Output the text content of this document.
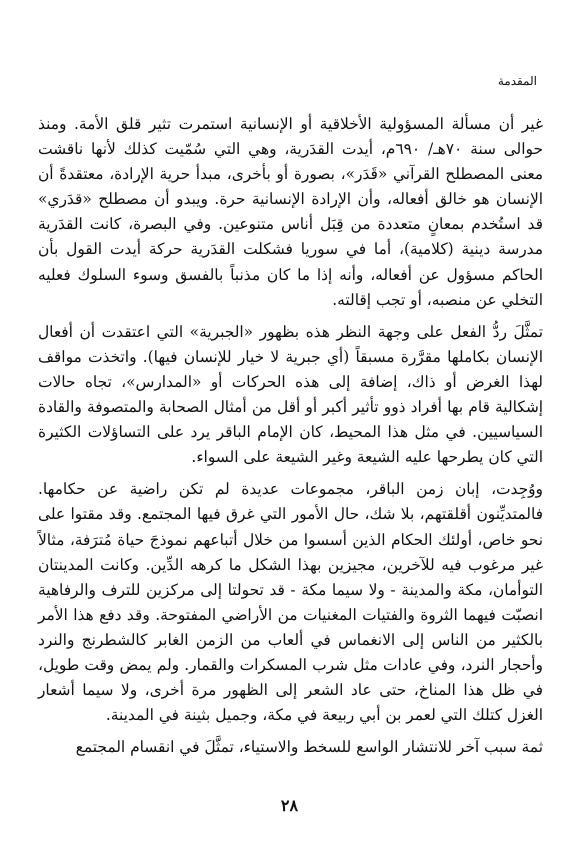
المقدمة

غير أن مسألة المسؤولية الأخلاقية أو الإنسانية استمرت تثير قلق الأمة. ومنذ حوالى سنة ٧٠هـ/ ٦٩٠م، أيدت القدَرية، وهي التي سُمّيت كذلك لأنها ناقشت معنى المصطلح القرآني «قَدَر»، بصورة أو بأخرى، مبدأ حرية الإرادة، معتقدةً أن الإنسان هو خالق أفعاله، وأن الإرادة الإنسانية حرة. ويبدو أن مصطلح «قدَري» قد استُخدم بمعانٍ متعددة من قِبَل أناس متنوعين. وفي البصرة، كانت القدَرية مدرسة دينية (كلامية)، أما في سوريا فشكلت القدَرية حركة أيدت القول بأن الحاكم مسؤول عن أفعاله، وأنه إذا ما كان مذنباً بالفسق وسوء السلوك فعليه التخلي عن منصبه، أو تجب إقالته.

تمثَّلَ ردُّ الفعل على وجهة النظر هذه بظهور «الجبرية» التي اعتقدت أن أفعال الإنسان بكاملها مقرَّرة مسبقاً (أي جبرية لا خيار للإنسان فيها). واتخذت مواقف لهذا الغرض أو ذاك، إضافة إلى هذه الحركات أو «المدارس»، تجاه حالات إشكالية قام بها أفراد ذوو تأثير أكبر أو أقل من أمثال الصحابة والمتصوفة والقادة السياسيين. في مثل هذا المحيط، كان الإمام الباقر يرد على التساؤلات الكثيرة التي كان يطرحها عليه الشيعة وغير الشيعة على السواء.

ووُجِدت، إبان زمن الباقر، مجموعات عديدة لم تكن راضية عن حكامها. فالمتديِّنون أقلقتهم، بلا شك، حال الأمور التي غرق فيها المجتمع. وقد مقتوا على نحو خاص، أولئك الحكام الذين أسسوا من خلال أتباعهم نموذجَ حياة مُترَفة، مثالاً غير مرغوب فيه للآخرين، مجيزين بهذا الشكل ما كرهه الدِّين. وكانت المدينتان التوأمان، مكة والمدينة - ولا سيما مكة - قد تحولتا إلى مركزين للترف والرفاهية انصبّت فيهما الثروة والفتيات المغنيات من الأراضي المفتوحة. وقد دفع هذا الأمر بالكثير من الناس إلى الانغماس في ألعاب من الزمن الغابر كالشطرنج والنرد وأحجار النرد، وفي عادات مثل شرب المسكرات والقمار. ولم يمض وقت طويل، في ظل هذا المناخ، حتى عاد الشعر إلى الظهور مرة أخرى، ولا سيما أشعار الغزل كتلك التي لعمر بن أبي ربيعة في مكة، وجميل بثينة في المدينة.

ثمة سبب آخر للانتشار الواسع للسخط والاستياء، تمثَّلَ في انقسام المجتمع

٢٨
